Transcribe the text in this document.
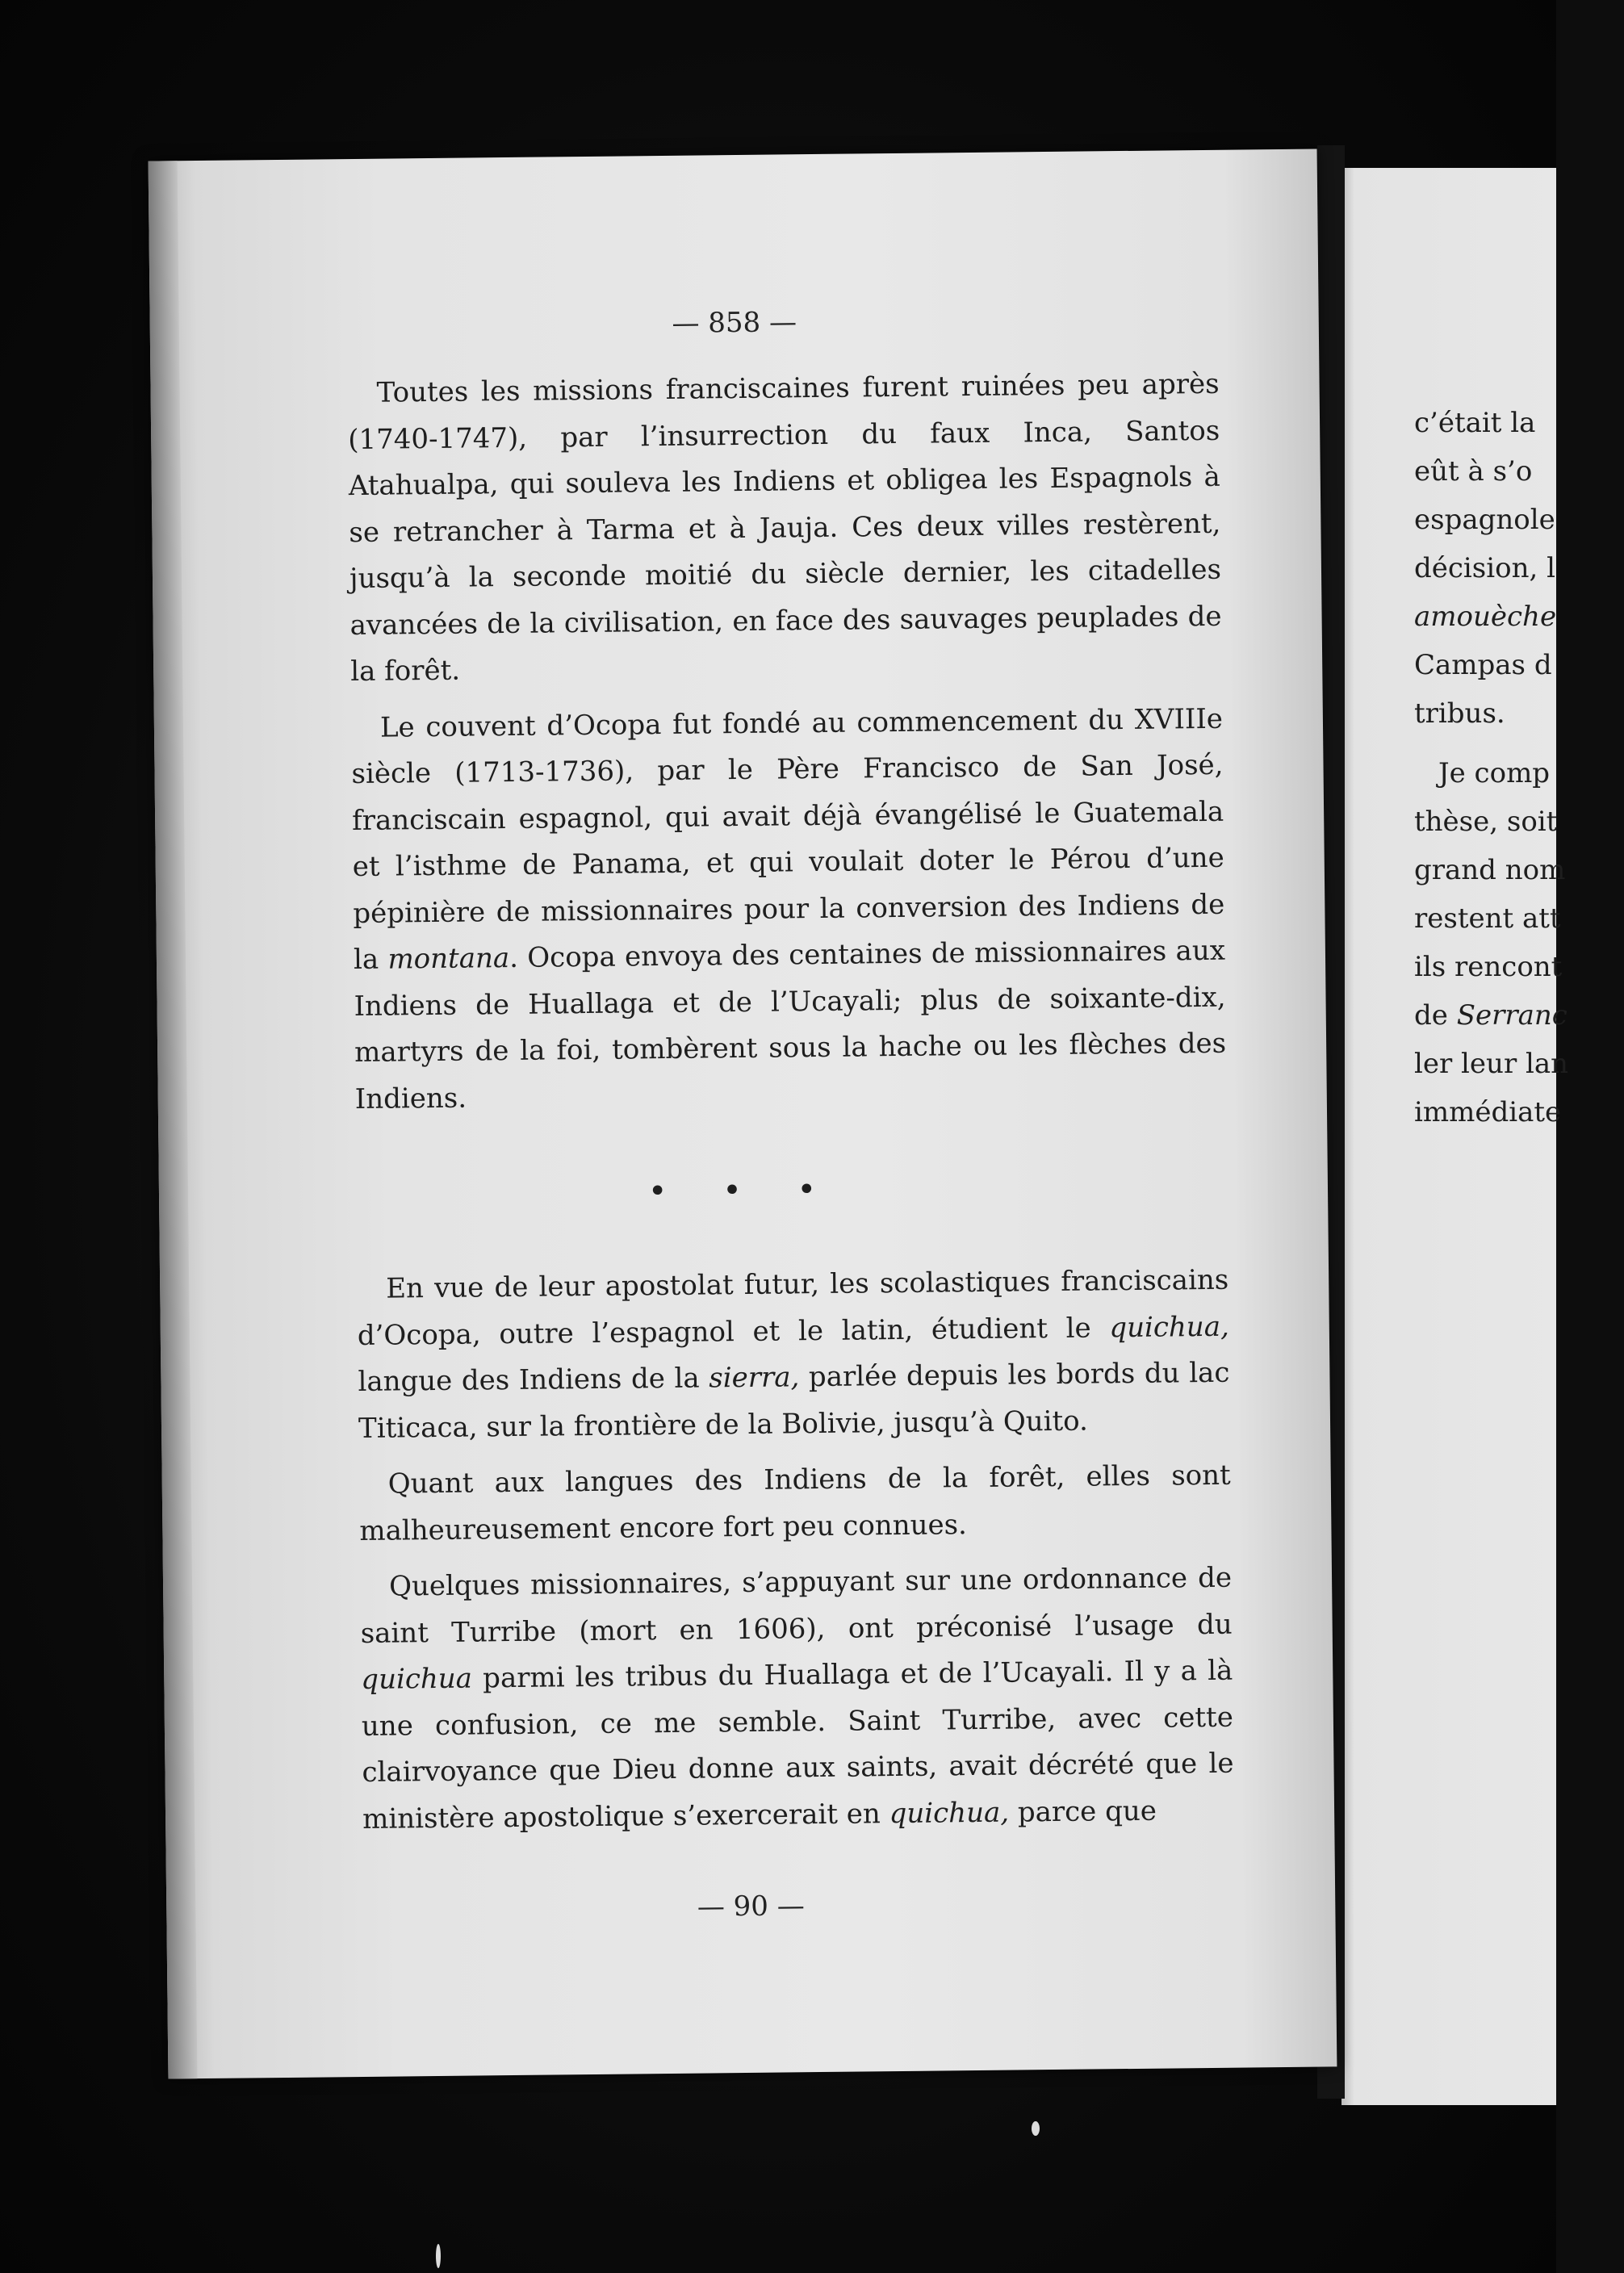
c’était la
eût à s’o
espagnole
décision, l
amouèche
Campas d
tribus.
Je comp
thèse, soit
grand nom
restent att
ils rencont
de Serranc
ler leur lan
immédiate
— 858 —

Toutes les missions franciscaines furent ruinées peu après (1740-1747), par l’insurrection du faux Inca, Santos Atahualpa, qui souleva les Indiens et obligea les Espagnols à se retrancher à Tarma et à Jauja. Ces deux villes restèrent, jusqu’à la seconde moitié du siècle dernier, les citadelles avancées de la civilisation, en face des sauvages peuplades de la forêt.

Le couvent d’Ocopa fut fondé au commencement du XVIIIe siècle (1713-1736), par le Père Francisco de San José, franciscain espagnol, qui avait déjà évangélisé le Guatemala et l’isthme de Panama, et qui voulait doter le Pérou d’une pépinière de missionnaires pour la conversion des Indiens de la montana. Ocopa envoya des centaines de missionnaires aux Indiens de Huallaga et de l’Ucayali; plus de soixante-dix, martyrs de la foi, tombèrent sous la hache ou les flèches des Indiens.

• • •

En vue de leur apostolat futur, les scolastiques franciscains d’Ocopa, outre l’espagnol et le latin, étudient le quichua, langue des Indiens de la sierra, parlée depuis les bords du lac Titicaca, sur la frontière de la Bolivie, jusqu’à Quito.

Quant aux langues des Indiens de la forêt, elles sont malheureusement encore fort peu connues.

Quelques missionnaires, s’appuyant sur une ordonnance de saint Turribe (mort en 1606), ont préconisé l’usage du quichua parmi les tribus du Huallaga et de l’Ucayali. Il y a là une confusion, ce me semble. Saint Turribe, avec cette clairvoyance que Dieu donne aux saints, avait décrété que le ministère apostolique s’exercerait en quichua, parce que

— 90 —
